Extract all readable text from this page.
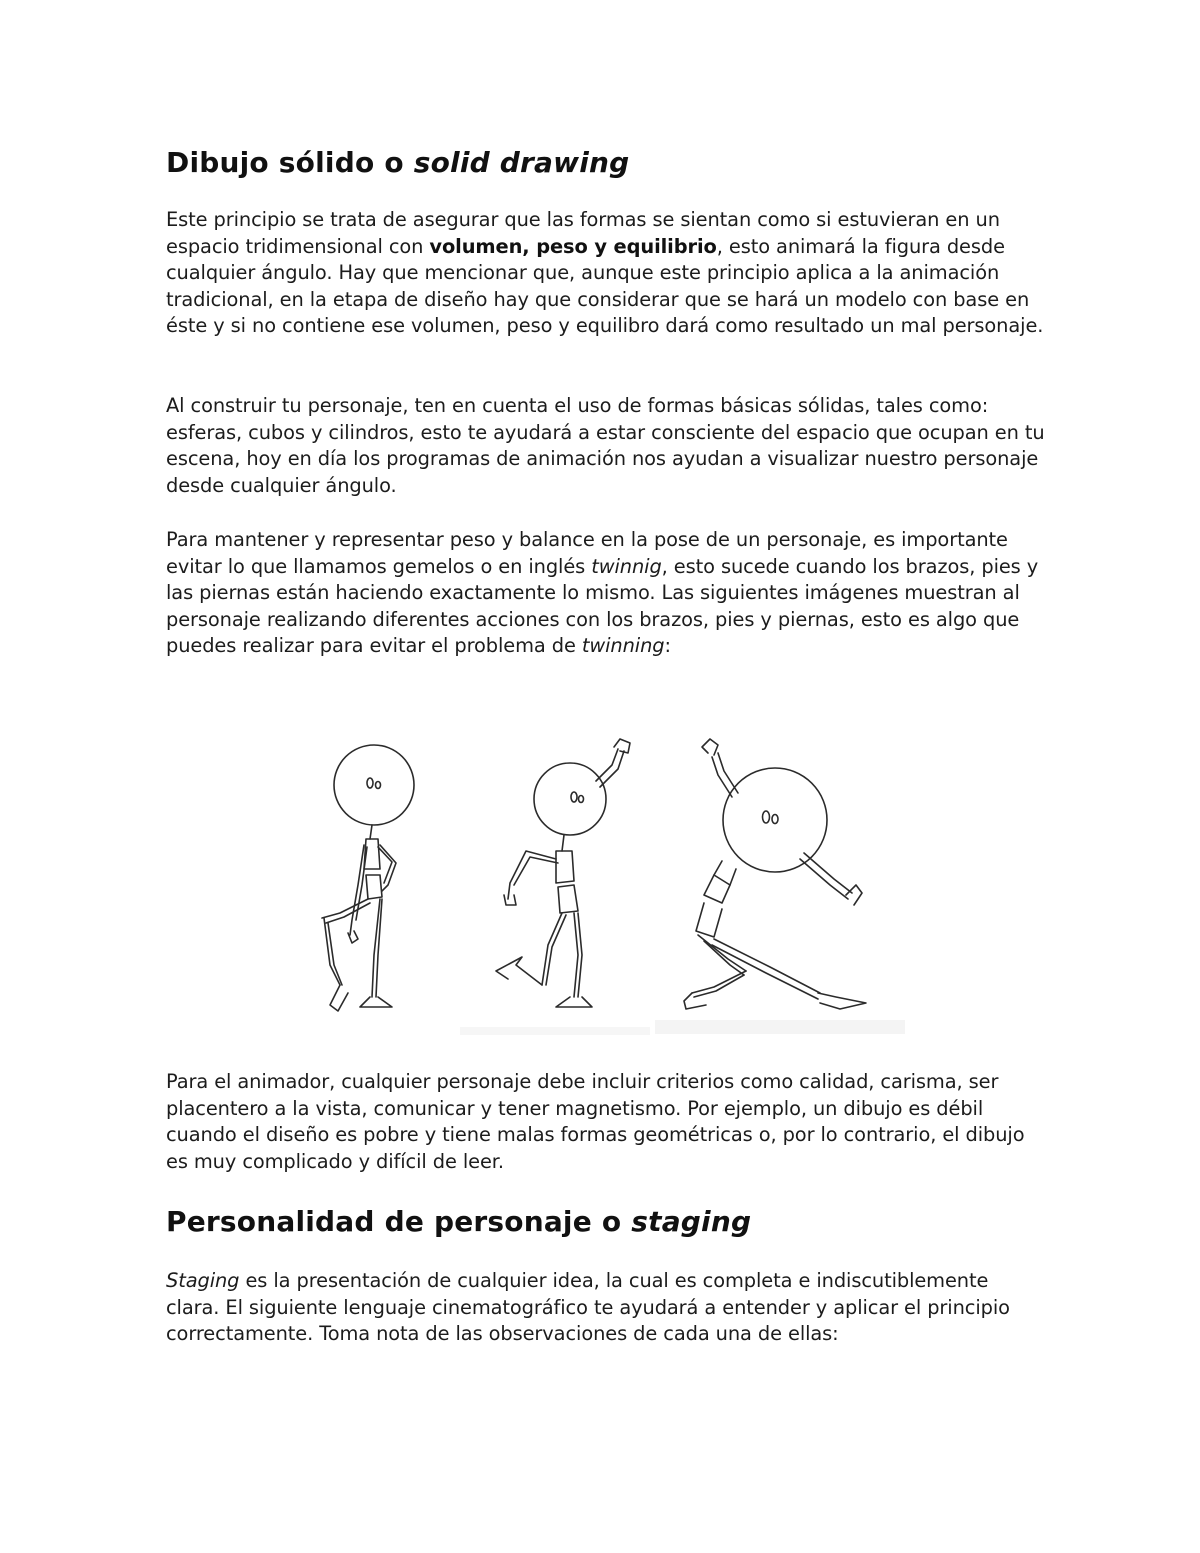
Dibujo sólido o solid drawing

Este principio se trata de asegurar que las formas se sientan como si estuvieran en un espacio tridimensional con volumen, peso y equilibrio, esto animará la figura desde cualquier ángulo. Hay que mencionar que, aunque este principio aplica a la animación tradicional, en la etapa de diseño hay que considerar que se hará un modelo con base en éste y si no contiene ese volumen, peso y equilibro dará como resultado un mal personaje.

Al construir tu personaje, ten en cuenta el uso de formas básicas sólidas, tales como: esferas, cubos y cilindros, esto te ayudará a estar consciente del espacio que ocupan en tu escena, hoy en día los programas de animación nos ayudan a visualizar nuestro personaje desde cualquier ángulo.

Para mantener y representar peso y balance en la pose de un personaje, es importante evitar lo que llamamos gemelos o en inglés twinnig, esto sucede cuando los brazos, pies y las piernas están haciendo exactamente lo mismo. Las siguientes imágenes muestran al personaje realizando diferentes acciones con los brazos, pies y piernas, esto es algo que puedes realizar para evitar el problema de twinning:

Para el animador, cualquier personaje debe incluir criterios como calidad, carisma, ser placentero a la vista, comunicar y tener magnetismo. Por ejemplo, un dibujo es débil cuando el diseño es pobre y tiene malas formas geométricas o, por lo contrario, el dibujo es muy complicado y difícil de leer.

Personalidad de personaje o staging

Staging es la presentación de cualquier idea, la cual es completa e indiscutiblemente clara. El siguiente lenguaje cinematográfico te ayudará a entender y aplicar el principio correctamente. Toma nota de las observaciones de cada una de ellas:
